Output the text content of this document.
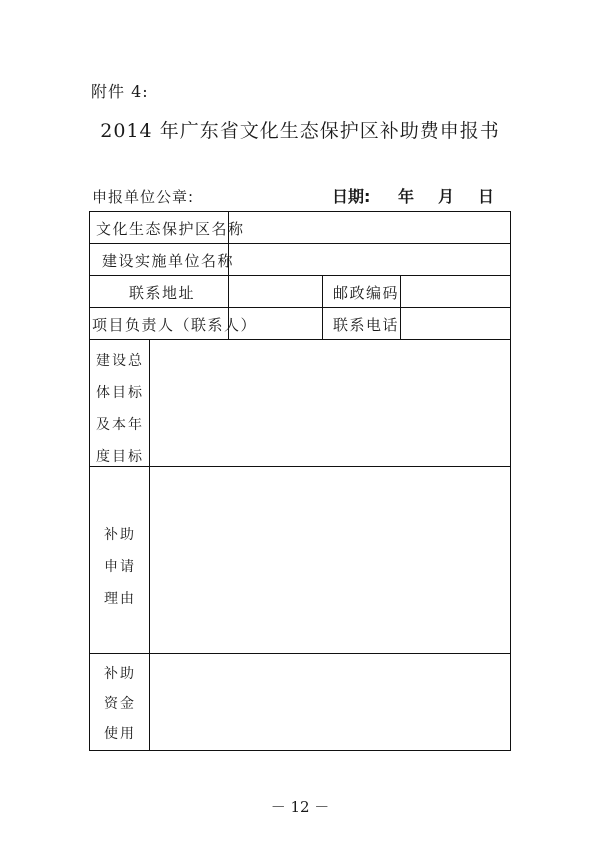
附件 4:
2014 年广东省文化生态保护区补助费申报书
申报单位公章:	日期: 年 月 日
文化生态保护区名称
建设实施单位名称
联系地址	邮政编码
项目负责人（联系人）	联系电话
建设总
体目标
及本年
度目标
补助
申请
理由
补助
资金
使用
－ 12 －
